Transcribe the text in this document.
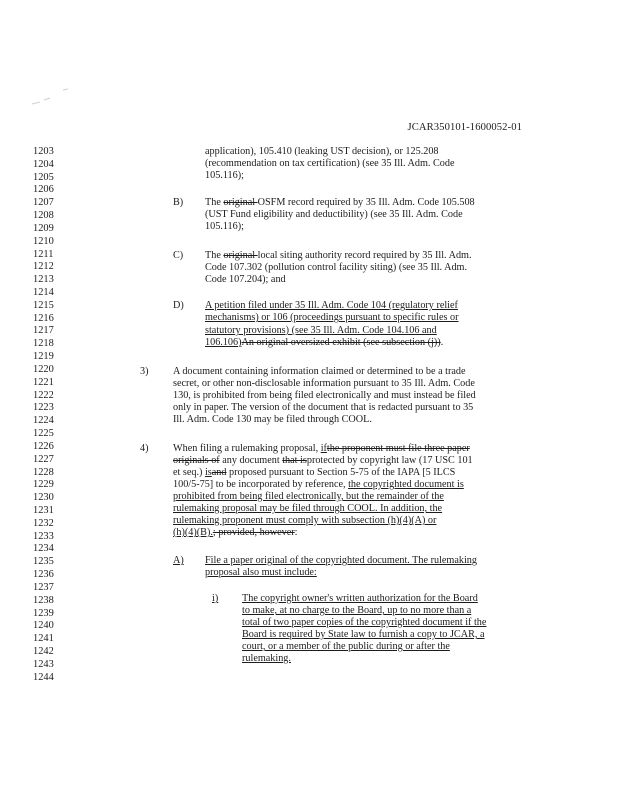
JCAR350101-1600052-01
1203
1204
1205
1206
1207
1208
1209
1210
1211
1212
1213
1214
1215
1216
1217
1218
1219
1220
1221
1222
1223
1224
1225
1226
1227
1228
1229
1230
1231
1232
1233
1234
1235
1236
1237
1238
1239
1240
1241
1242
1243
1244
application), 105.410 (leaking UST decision), or 125.208
(recommendation on tax certification) (see 35 Ill. Adm. Code
105.116);
B) The original OSFM record required by 35 Ill. Adm. Code 105.508
(UST Fund eligibility and deductibility) (see 35 Ill. Adm. Code
105.116);
C) The original local siting authority record required by 35 Ill. Adm.
Code 107.302 (pollution control facility siting) (see 35 Ill. Adm.
Code 107.204); and
D) A petition filed under 35 Ill. Adm. Code 104 (regulatory relief
mechanisms) or 106 (proceedings pursuant to specific rules or
statutory provisions) (see 35 Ill. Adm. Code 104.106 and
106.106)An original oversized exhibit (see subsection (j)).
3) A document containing information claimed or determined to be a trade
secret, or other non-disclosable information pursuant to 35 Ill. Adm. Code
130, is prohibited from being filed electronically and must instead be filed
only in paper. The version of the document that is redacted pursuant to 35
Ill. Adm. Code 130 may be filed through COOL.
4) When filing a rulemaking proposal, ifthe proponent must file three paper
originals of any document that isprotected by copyright law (17 USC 101
et seq.) isand proposed pursuant to Section 5-75 of the IAPA [5 ILCS
100/5-75] to be incorporated by reference, the copyrighted document is
prohibited from being filed electronically, but the remainder of the
rulemaking proposal may be filed through COOL. In addition, the
rulemaking proponent must comply with subsection (h)(4)(A) or
(h)(4)(B).; provided, however:
A) File a paper original of the copyrighted document. The rulemaking
proposal also must include:
i) The copyright owner's written authorization for the Board
to make, at no charge to the Board, up to no more than a
total of two paper copies of the copyrighted document if the
Board is required by State law to furnish a copy to JCAR, a
court, or a member of the public during or after the
rulemaking.
